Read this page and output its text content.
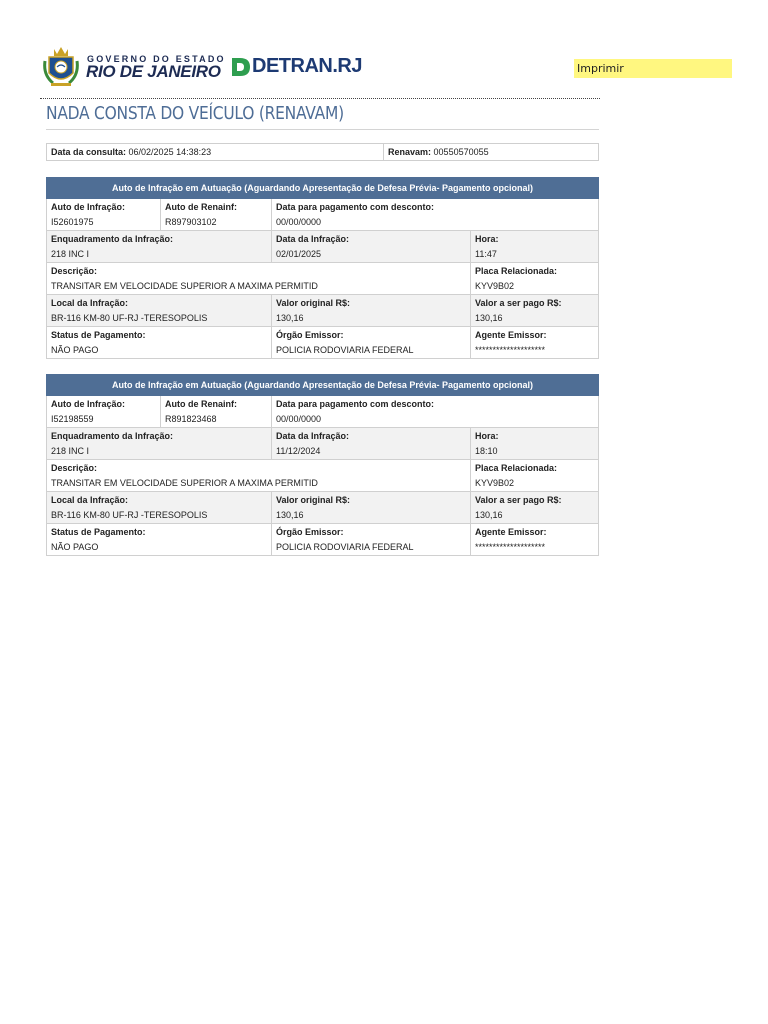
GOVERNO DO ESTADO
RIO DE JANEIRO DETRAN.RJ	Imprimir
NADA CONSTA DO VEÍCULO (RENAVAM)
Data da consulta: 06/02/2025 14:38:23	Renavam: 00550570055
Auto de Infração em Autuação (Aguardando Apresentação de Defesa Prévia- Pagamento opcional)			

Auto de Infração:
I52601975	Auto de Renainf:
R897903102	Data para pagamento com desconto:
00/00/0000	

Enquadramento da Infração:
218 INC I		Data da Infração:
02/01/2025	Hora:
11:47

Descrição:
TRANSITAR EM VELOCIDADE SUPERIOR A MAXIMA PERMITID			Placa Relacionada:
KYV9B02

Local da Infração:
BR-116 KM-80 UF-RJ -TERESOPOLIS		Valor original R$:
130,16	Valor a ser pago R$:
130,16

Status de Pagamento:
NÃO PAGO		Órgão Emissor:
POLICIA RODOVIARIA FEDERAL	Agente Emissor:
********************
Auto de Infração em Autuação (Aguardando Apresentação de Defesa Prévia- Pagamento opcional)			

Auto de Infração:
I52198559	Auto de Renainf:
R891823468	Data para pagamento com desconto:
00/00/0000	

Enquadramento da Infração:
218 INC I		Data da Infração:
11/12/2024	Hora:
18:10

Descrição:
TRANSITAR EM VELOCIDADE SUPERIOR A MAXIMA PERMITID			Placa Relacionada:
KYV9B02

Local da Infração:
BR-116 KM-80 UF-RJ -TERESOPOLIS		Valor original R$:
130,16	Valor a ser pago R$:
130,16

Status de Pagamento:
NÃO PAGO		Órgão Emissor:
POLICIA RODOVIARIA FEDERAL	Agente Emissor:
********************
